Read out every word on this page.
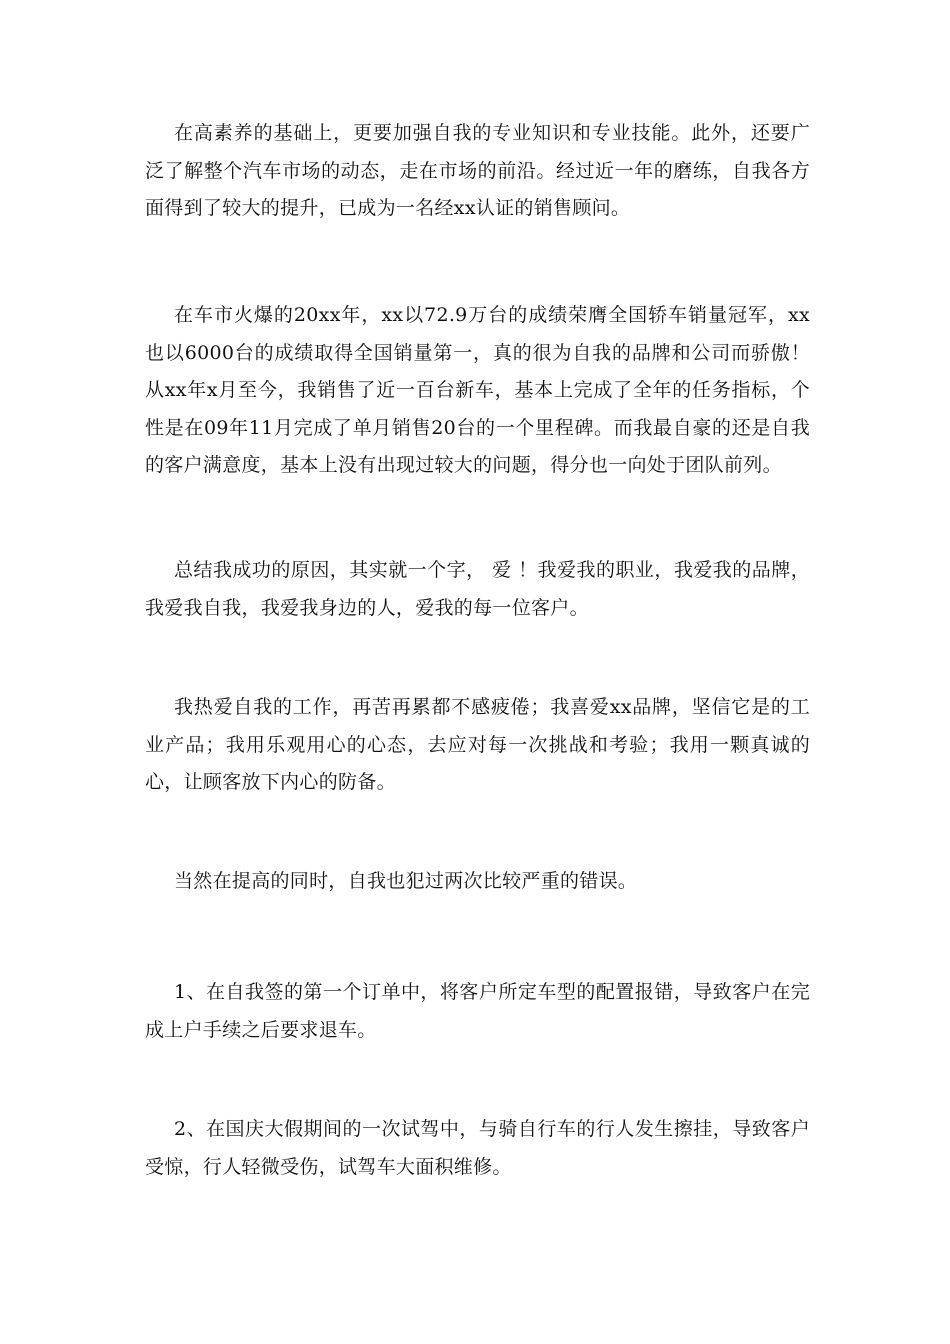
在高素养的基础上，更要加强自我的专业知识和专业技能。此外，还要广泛了解整个汽车市场的动态，走在市场的前沿。经过近一年的磨练，自我各方面得到了较大的提升，已成为一名经xx认证的销售顾问。

在车市火爆的20xx年，xx以72.9万台的成绩荣膺全国轿车销量冠军，xx也以6000台的成绩取得全国销量第一，真的很为自我的品牌和公司而骄傲！从xx年x月至今，我销售了近一百台新车，基本上完成了全年的任务指标，个性是在09年11月完成了单月销售20台的一个里程碑。而我最自豪的还是自我的客户满意度，基本上没有出现过较大的问题，得分也一向处于团队前列。

总结我成功的原因，其实就一个字， 爱 ！我爱我的职业，我爱我的品牌，我爱我自我，我爱我身边的人，爱我的每一位客户。

我热爱自我的工作，再苦再累都不感疲倦；我喜爱xx品牌，坚信它是的工业产品；我用乐观用心的心态，去应对每一次挑战和考验；我用一颗真诚的心，让顾客放下内心的防备。

当然在提高的同时，自我也犯过两次比较严重的错误。

1、在自我签的第一个订单中，将客户所定车型的配置报错，导致客户在完成上户手续之后要求退车。

2、在国庆大假期间的一次试驾中，与骑自行车的行人发生擦挂，导致客户受惊，行人轻微受伤，试驾车大面积维修。
